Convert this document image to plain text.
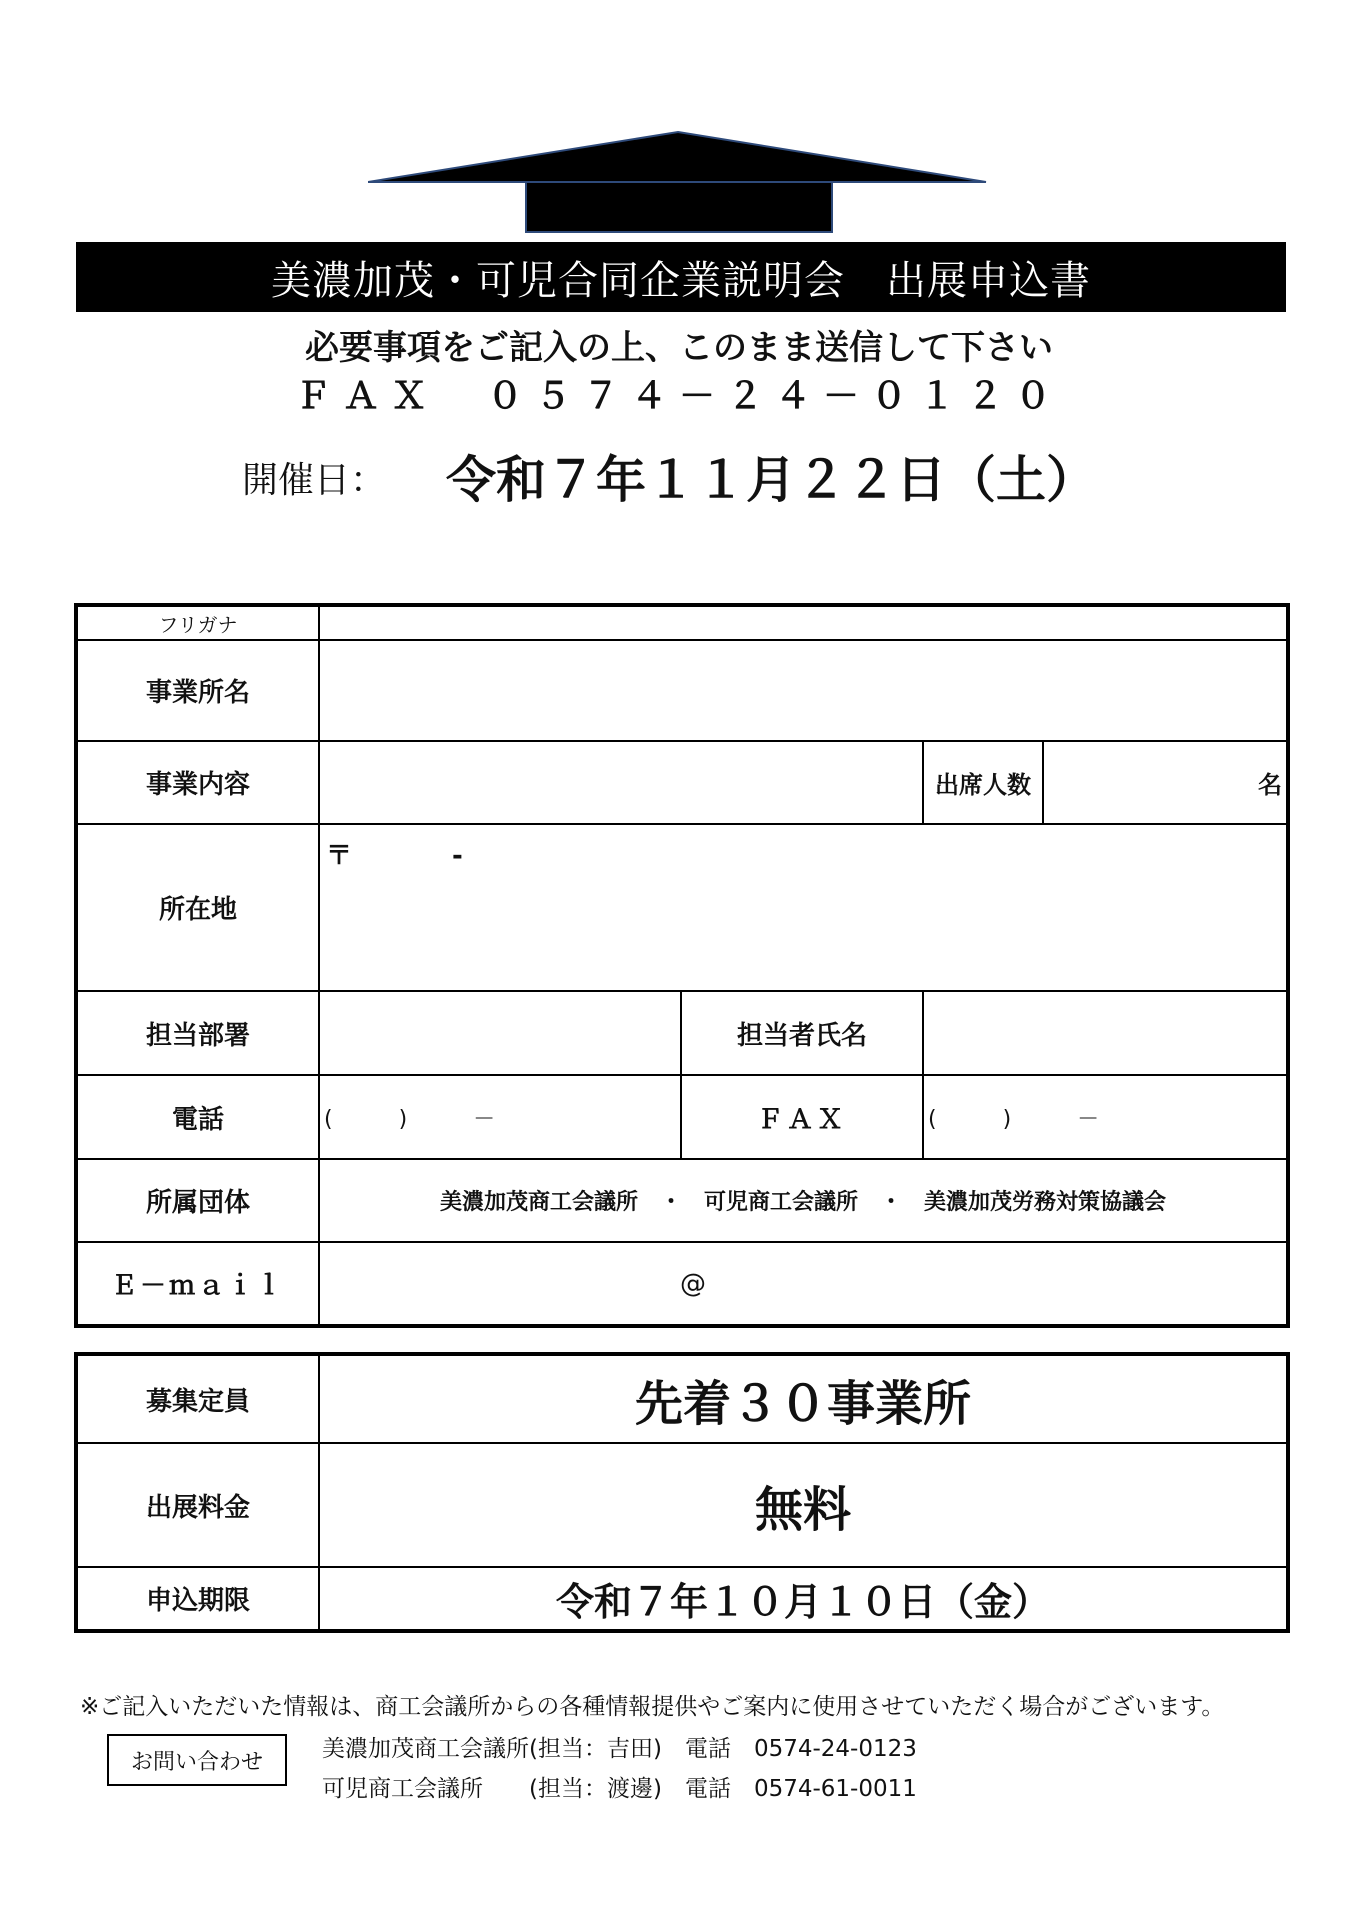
美濃加茂・可児合同企業説明会　出展申込書
必要事項をご記入の上、このまま送信して下さい
ＦＡＸ　０５７４－２４－０１２０
開催日： 令和７年１１月２２日（土）
フリガナ				
事業所名				
事業内容			出席人数	名
所在地	〒 -			
担当部署		担当者氏名		
電話	(　　　)　　　－	ＦＡＸ	(　　　)　　　－	
所属団体	美濃加茂商工会議所　・　可児商工会議所　・　美濃加茂労務対策協議会			
Ｅ－ｍａｉｌ	@			
募集定員	先着３０事業所
出展料金	無料
申込期限	令和７年１０月１０日（金）
※ご記入いただいた情報は、商工会議所からの各種情報提供やご案内に使用させていただく場合がございます。
お問い合わせ	美濃加茂商工会議所(担当：吉田)　電話　0574-24-0123
可児商工会議所　　(担当：渡邊)　電話　0574-61-0011
